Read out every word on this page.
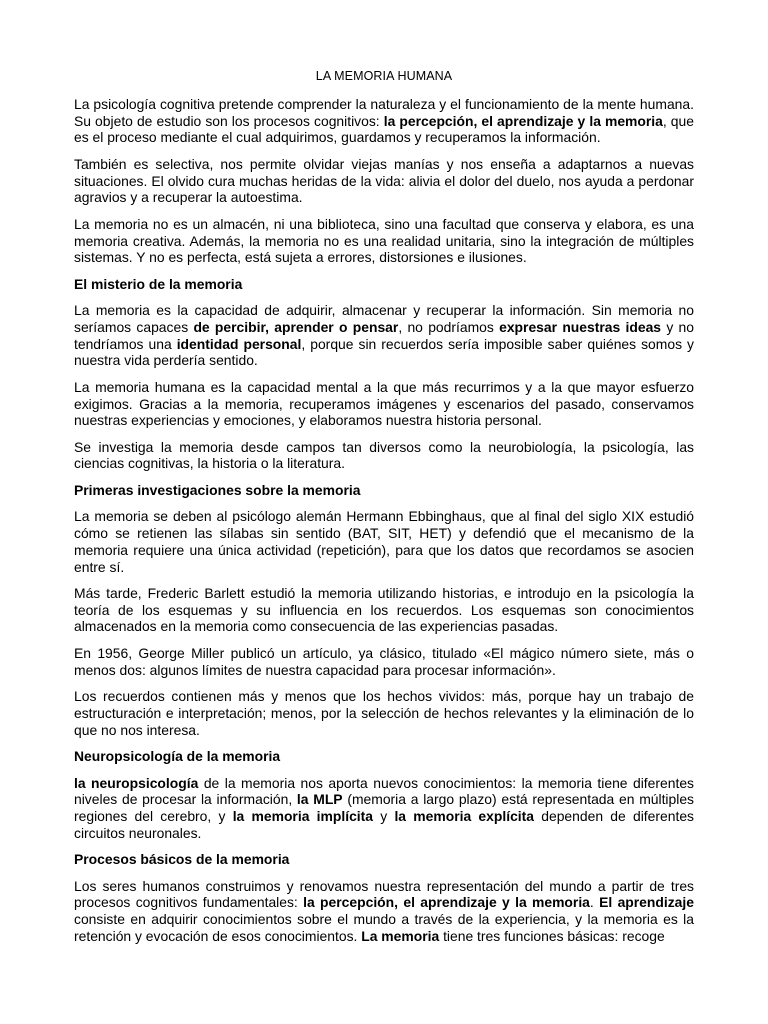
LA MEMORIA HUMANA

La psicología cognitiva pretende comprender la naturaleza y el funcionamiento de la mente humana. Su objeto de estudio son los procesos cognitivos: la percepción, el aprendizaje y la memoria, que es el proceso mediante el cual adquirimos, guardamos y recuperamos la información.

También es selectiva, nos permite olvidar viejas manías y nos enseña a adaptarnos a nuevas situaciones. El olvido cura muchas heridas de la vida: alivia el dolor del duelo, nos ayuda a perdonar agravios y a recuperar la autoestima.

La memoria no es un almacén, ni una biblioteca, sino una facultad que conserva y elabora, es una memoria creativa. Además, la memoria no es una realidad unitaria, sino la integración de múltiples sistemas. Y no es perfecta, está sujeta a errores, distorsiones e ilusiones.

El misterio de la memoria

La memoria es la capacidad de adquirir, almacenar y recuperar la información. Sin memoria no seríamos capaces de percibir, aprender o pensar, no podríamos expresar nuestras ideas y no tendríamos una identidad personal, porque sin recuerdos sería imposible saber quiénes somos y nuestra vida perdería sentido.

La memoria humana es la capacidad mental a la que más recurrimos y a la que mayor esfuerzo exigimos. Gracias a la memoria, recuperamos imágenes y escenarios del pasado, conservamos nuestras experiencias y emociones, y elaboramos nuestra historia personal.

Se investiga la memoria desde campos tan diversos como la neurobiología, la psicología, las ciencias cognitivas, la historia o la literatura.

Primeras investigaciones sobre la memoria

La memoria se deben al psicólogo alemán Hermann Ebbinghaus, que al final del siglo XIX estudió cómo se retienen las sílabas sin sentido (BAT, SIT, HET) y defendió que el mecanismo de la memoria requiere una única actividad (repetición), para que los datos que recordamos se asocien entre sí.

Más tarde, Frederic Barlett estudió la memoria utilizando historias, e introdujo en la psicología la teoría de los esquemas y su influencia en los recuerdos. Los esquemas son conocimientos almacenados en la memoria como consecuencia de las experiencias pasadas.

En 1956, George Miller publicó un artículo, ya clásico, titulado «El mágico número siete, más o menos dos: algunos límites de nuestra capacidad para procesar información».

Los recuerdos contienen más y menos que los hechos vividos: más, porque hay un trabajo de estructuración e interpretación; menos, por la selección de hechos relevantes y la eliminación de lo que no nos interesa.

Neuropsicología de la memoria

la neuropsicología de la memoria nos aporta nuevos conocimientos: la memoria tiene diferentes niveles de procesar la información, la MLP (memoria a largo plazo) está representada en múltiples regiones del cerebro, y la memoria implícita y la memoria explícita dependen de diferentes circuitos neuronales.

Procesos básicos de la memoria

Los seres humanos construimos y renovamos nuestra representación del mundo a partir de tres procesos cognitivos fundamentales: la percepción, el aprendizaje y la memoria. El aprendizaje consiste en adquirir conocimientos sobre el mundo a través de la experiencia, y la memoria es la retención y evocación de esos conocimientos. La memoria tiene tres funciones básicas: recoge
